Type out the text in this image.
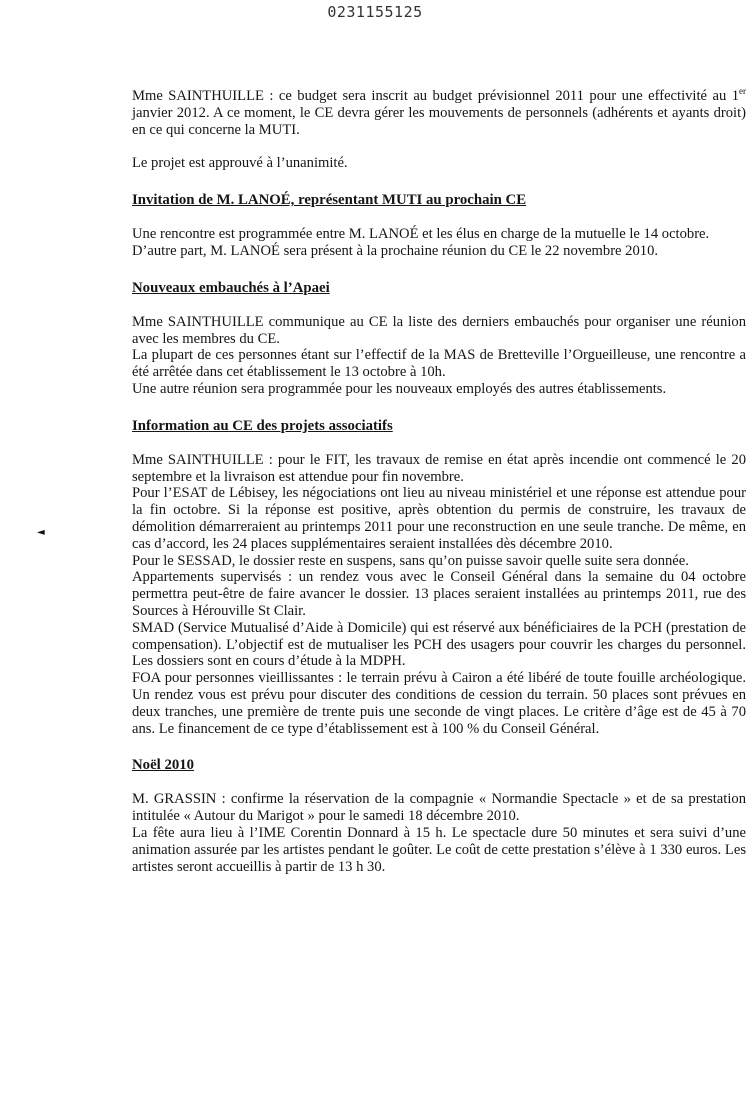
0231155125
◄

Mme SAINTHUILLE : ce budget sera inscrit au budget prévisionnel 2011 pour une effectivité au 1er janvier 2012. A ce moment, le CE devra gérer les mouvements de personnels (adhérents et ayants droit) en ce qui concerne la MUTI.

Le projet est approuvé à l’unanimité.

Invitation de M. LANOÉ, représentant MUTI au prochain CE

Une rencontre est programmée entre M. LANOÉ et les élus en charge de la mutuelle le 14 octobre.

D’autre part, M. LANOÉ sera présent à la prochaine réunion du CE le 22 novembre 2010.

Nouveaux embauchés à l’Apaei

Mme SAINTHUILLE communique au CE la liste des derniers embauchés pour organiser une réunion avec les membres du CE.

La plupart de ces personnes étant sur l’effectif de la MAS de Bretteville l’Orgueilleuse, une rencontre a été arrêtée dans cet établissement le 13 octobre à 10h.

Une autre réunion sera programmée pour les nouveaux employés des autres établissements.

Information au CE des projets associatifs

Mme SAINTHUILLE : pour le FIT, les travaux de remise en état après incendie ont commencé le 20 septembre et la livraison est attendue pour fin novembre.

Pour l’ESAT de Lébisey, les négociations ont lieu au niveau ministériel et une réponse est attendue pour la fin octobre. Si la réponse est positive, après obtention du permis de construire, les travaux de démolition démarreraient au printemps 2011 pour une reconstruction en une seule tranche. De même, en cas d’accord, les 24 places supplémentaires seraient installées dès décembre 2010.

Pour le SESSAD, le dossier reste en suspens, sans qu’on puisse savoir quelle suite sera donnée.

Appartements supervisés : un rendez vous avec le Conseil Général dans la semaine du 04 octobre permettra peut-être de faire avancer le dossier. 13 places seraient installées au printemps 2011, rue des Sources à Hérouville St Clair.

SMAD (Service Mutualisé d’Aide à Domicile) qui est réservé aux bénéficiaires de la PCH (prestation de compensation). L’objectif est de mutualiser les PCH des usagers pour couvrir les charges du personnel. Les dossiers sont en cours d’étude à la MDPH.

FOA pour personnes vieillissantes : le terrain prévu à Cairon a été libéré de toute fouille archéologique. Un rendez vous est prévu pour discuter des conditions de cession du terrain. 50 places sont prévues en deux tranches, une première de trente puis une seconde de vingt places. Le critère d’âge est de 45 à 70 ans. Le financement de ce type d’établissement est à 100 % du Conseil Général.

Noël 2010

M. GRASSIN : confirme la réservation de la compagnie « Normandie Spectacle » et de sa prestation intitulée « Autour du Marigot » pour le samedi 18 décembre 2010.

La fête aura lieu à l’IME Corentin Donnard à 15 h. Le spectacle dure 50 minutes et sera suivi d’une animation assurée par les artistes pendant le goûter. Le coût de cette prestation s’élève à 1 330 euros. Les artistes seront accueillis à partir de 13 h 30.
